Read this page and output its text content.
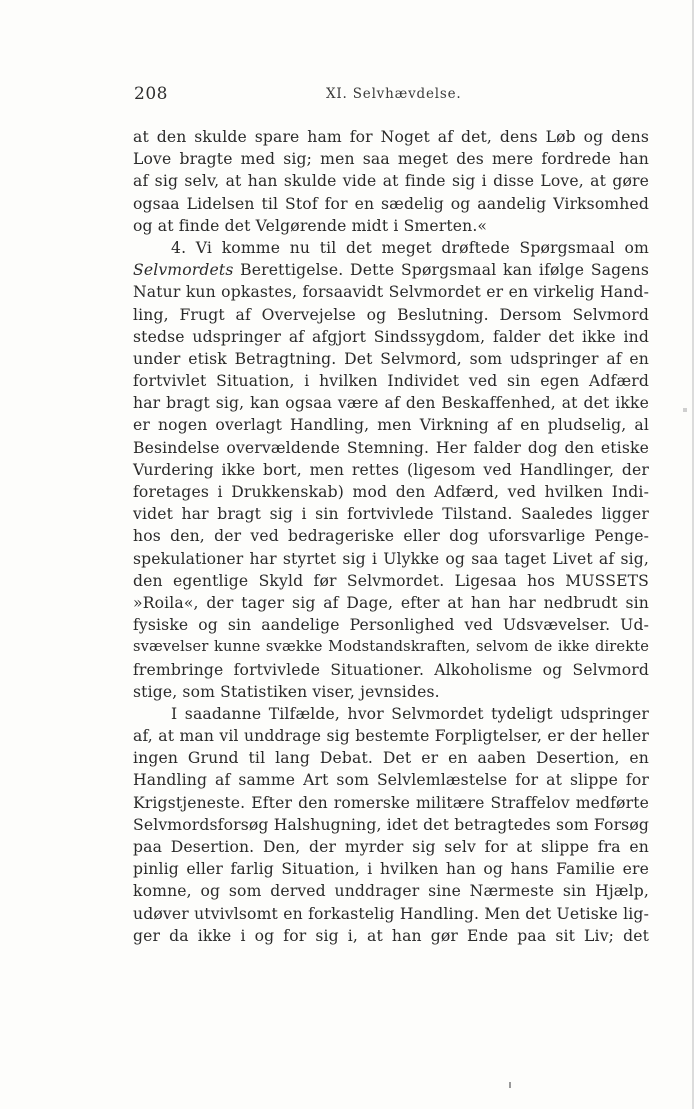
208	XI. Selvhævdelse.
at den skulde spare ham for Noget af det, dens Løb og dens
Love bragte med sig; men saa meget des mere fordrede han
af sig selv, at han skulde vide at finde sig i disse Love, at gøre
ogsaa Lidelsen til Stof for en sædelig og aandelig Virksomhed
og at finde det Velgørende midt i Smerten.«
4. Vi komme nu til det meget drøftede Spørgsmaal om
Selvmordets Berettigelse. Dette Spørgsmaal kan ifølge Sagens
Natur kun opkastes, forsaavidt Selvmordet er en virkelig Hand-
ling, Frugt af Overvejelse og Beslutning. Dersom Selvmord
stedse udspringer af afgjort Sindssygdom, falder det ikke ind
under etisk Betragtning. Det Selvmord, som udspringer af en
fortvivlet Situation, i hvilken Individet ved sin egen Adfærd
har bragt sig, kan ogsaa være af den Beskaffenhed, at det ikke
er nogen overlagt Handling, men Virkning af en pludselig, al
Besindelse overvældende Stemning. Her falder dog den etiske
Vurdering ikke bort, men rettes (ligesom ved Handlinger, der
foretages i Drukkenskab) mod den Adfærd, ved hvilken Indi-
videt har bragt sig i sin fortvivlede Tilstand. Saaledes ligger
hos den, der ved bedrageriske eller dog uforsvarlige Penge-
spekulationer har styrtet sig i Ulykke og saa taget Livet af sig,
den egentlige Skyld før Selvmordet. Ligesaa hos MUSSETS
»Roila«, der tager sig af Dage, efter at han har nedbrudt sin
fysiske og sin aandelige Personlighed ved Udsvævelser. Ud-
svævelser kunne svække Modstandskraften, selvom de ikke direkte
frembringe fortvivlede Situationer. Alkoholisme og Selvmord
stige, som Statistiken viser, jevnsides.
I saadanne Tilfælde, hvor Selvmordet tydeligt udspringer
af, at man vil unddrage sig bestemte Forpligtelser, er der heller
ingen Grund til lang Debat. Det er en aaben Desertion, en
Handling af samme Art som Selvlemlæstelse for at slippe for
Krigstjeneste. Efter den romerske militære Straffelov medførte
Selvmordsforsøg Halshugning, idet det betragtedes som Forsøg
paa Desertion. Den, der myrder sig selv for at slippe fra en
pinlig eller farlig Situation, i hvilken han og hans Familie ere
komne, og som derved unddrager sine Nærmeste sin Hjælp,
udøver utvivlsomt en forkastelig Handling. Men det Uetiske lig-
ger da ikke i og for sig i, at han gør Ende paa sit Liv; det
